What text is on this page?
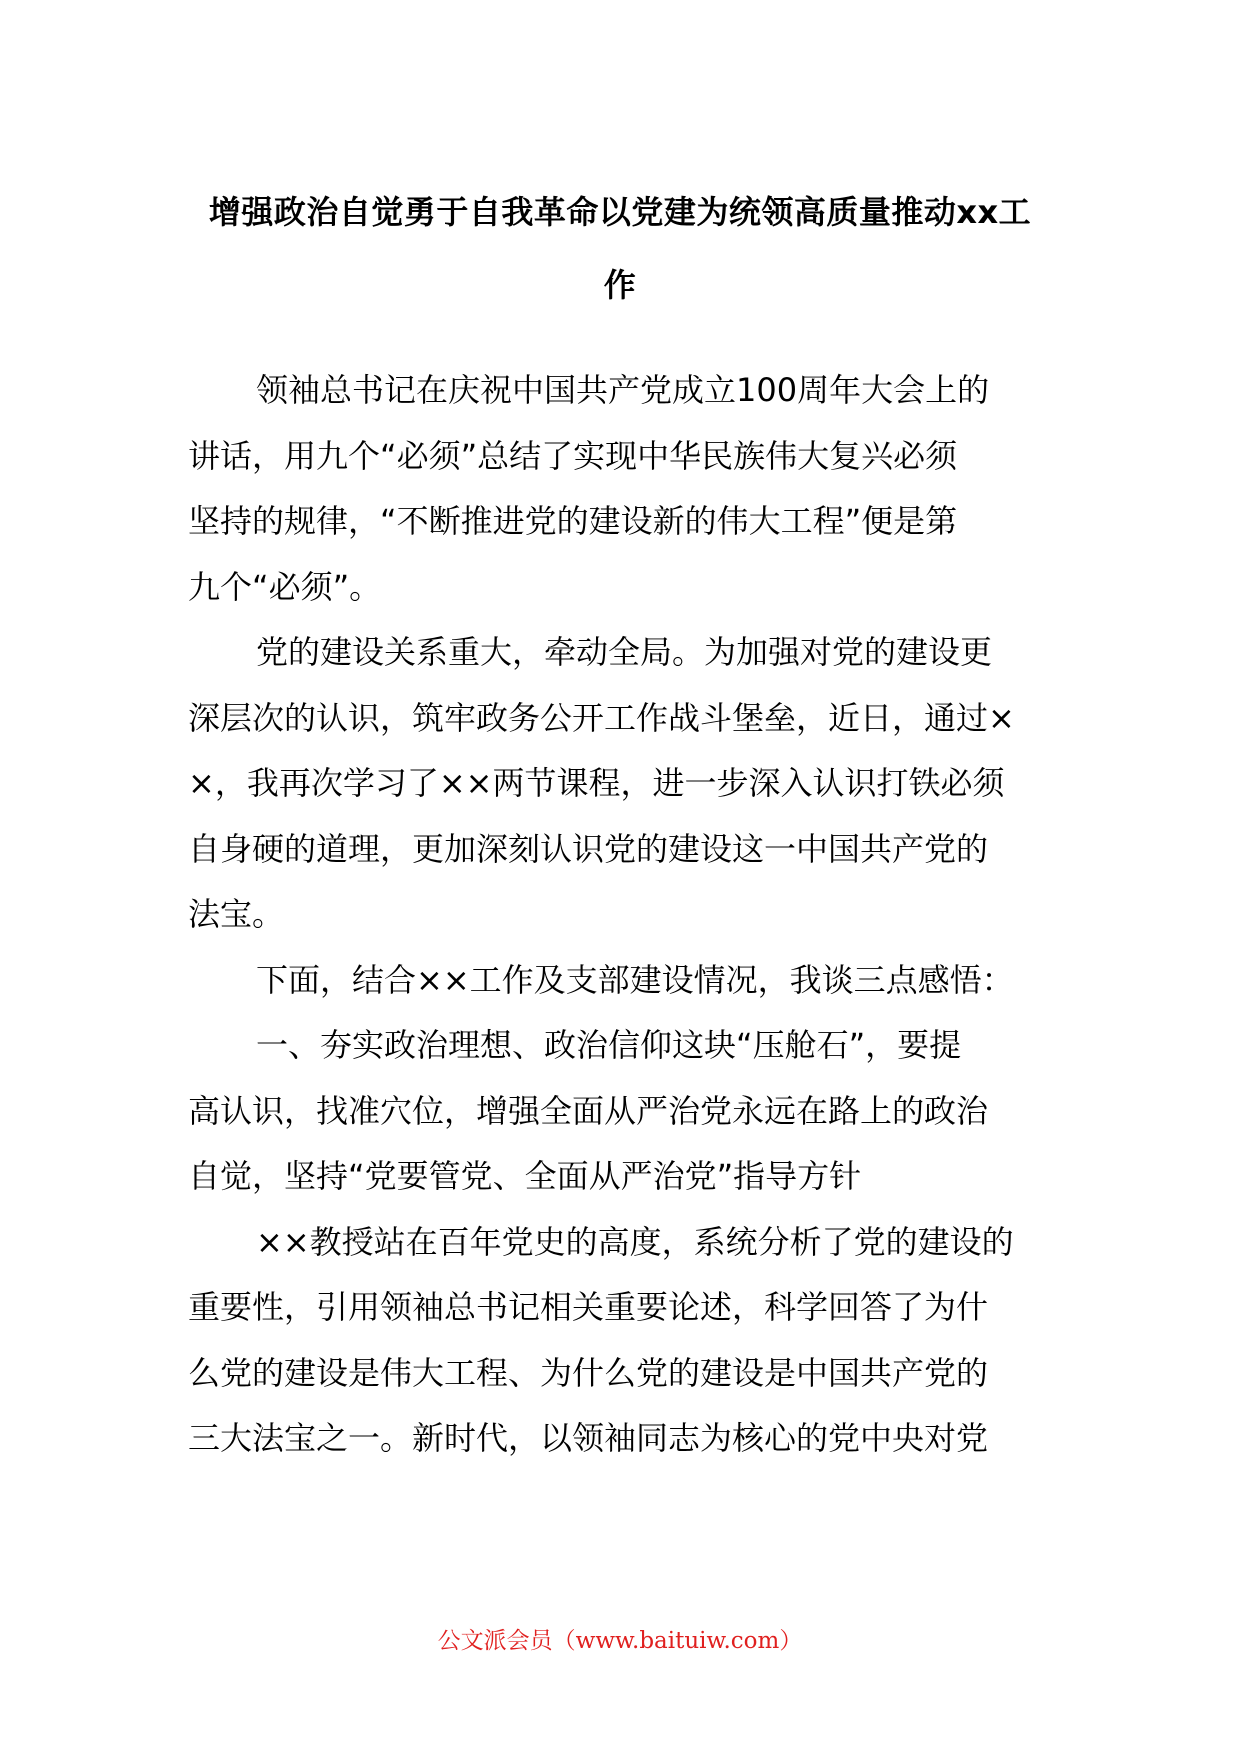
增强政治自觉勇于自我革命以党建为统领高质量推动xx工
作
领袖总书记在庆祝中国共产党成立100周年大会上的
讲话，用九个“必须”总结了实现中华民族伟大复兴必须
坚持的规律，“不断推进党的建设新的伟大工程”便是第
九个“必须”。
党的建设关系重大，牵动全局。为加强对党的建设更
深层次的认识，筑牢政务公开工作战斗堡垒，近日，通过×
×，我再次学习了××两节课程，进一步深入认识打铁必须
自身硬的道理，更加深刻认识党的建设这一中国共产党的
法宝。
下面，结合××工作及支部建设情况，我谈三点感悟：
一、夯实政治理想、政治信仰这块“压舱石”，要提
高认识，找准穴位，增强全面从严治党永远在路上的政治
自觉，坚持“党要管党、全面从严治党”指导方针
××教授站在百年党史的高度，系统分析了党的建设的
重要性，引用领袖总书记相关重要论述，科学回答了为什
么党的建设是伟大工程、为什么党的建设是中国共产党的
三大法宝之一。新时代，以领袖同志为核心的党中央对党
公文派会员（www.baituiw.com）
